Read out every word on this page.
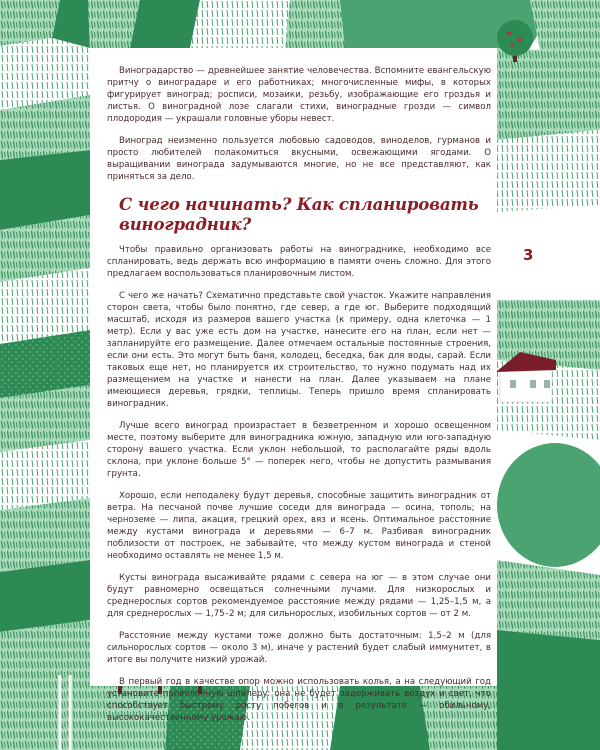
3

Виноградарство — древнейшее занятие человечества. Вспомните евангельскую притчу о виноградаре и его работниках; многочисленные мифы, в которых фигурирует виноград; росписи, мозаики, резьбу, изображающие его гроздья и листья. О виноградной лозе слагали стихи, виноградные грозди — символ плодородия — украшали головные уборы невест.

Виноград неизменно пользуется любовью садоводов, виноделов, гурманов и просто любителей полакомиться вкусными, освежающими ягодами. О выращивании винограда задумываются многие, но не все представляют, как приняться за дело.

С чего начинать? Как спланировать виноградник?

Чтобы правильно организовать работы на винограднике, необходимо все спланировать, ведь держать всю информацию в памяти очень сложно. Для этого предлагаем воспользоваться планировочным листом.

С чего же начать? Схематично представьте свой участок. Укажите направления сторон света, чтобы было понятно, где север, а где юг. Выберите подходящий масштаб, исходя из размеров вашего участка (к примеру, одна клеточка — 1 метр). Если у вас уже есть дом на участке, нанесите его на план, если нет — запланируйте его размещение. Далее отмечаем остальные постоянные строения, если они есть. Это могут быть баня, колодец, беседка, бак для воды, сарай. Если таковых еще нет, но планируется их строительство, то нужно подумать над их размещением на участке и нанести на план. Далее указываем на плане имеющиеся деревья, грядки, теплицы. Теперь пришло время спланировать виноградник.

Лучше всего виноград произрастает в безветренном и хорошо освещенном месте, поэтому выберите для виноградника южную, западную или юго-западную сторону вашего участка. Если уклон небольшой, то располагайте ряды вдоль склона, при уклоне больше 5° — поперек него, чтобы не допустить размывания грунта.

Хорошо, если неподалеку будут деревья, способные защитить виноградник от ветра. На песчаной почве лучшие соседи для винограда — осина, тополь; на черноземе — липа, акация, грецкий орех, вяз и ясень. Оптимальное расстояние между кустами винограда и деревьями — 6–7 м. Разбивая виноградник поблизости от построек, не забывайте, что между кустом винограда и стеной необходимо оставлять не менее 1,5 м.

Кусты винограда высаживайте рядами с севера на юг — в этом случае они будут равномерно освещаться солнечными лучами. Для низкорослых и среднерослых сортов рекомендуемое расстояние между рядами — 1,25–1,5 м, а для среднерослых — 1,75–2 м; для сильнорослых, изобильных сортов — от 2 м.

Расстояние между кустами тоже должно быть достаточным: 1,5–2 м (для сильнорослых сортов — около 3 м), иначе у растений будет слабый иммунитет, в итоге вы получите низкий урожай.

В первый год в качестве опор можно использовать колья, а на следующий год установите проволочную шпалеру: она не будет задерживать воздух и свет, что способствует быстрому росту побегов и в результате — обильному, высококачественному урожаю.
